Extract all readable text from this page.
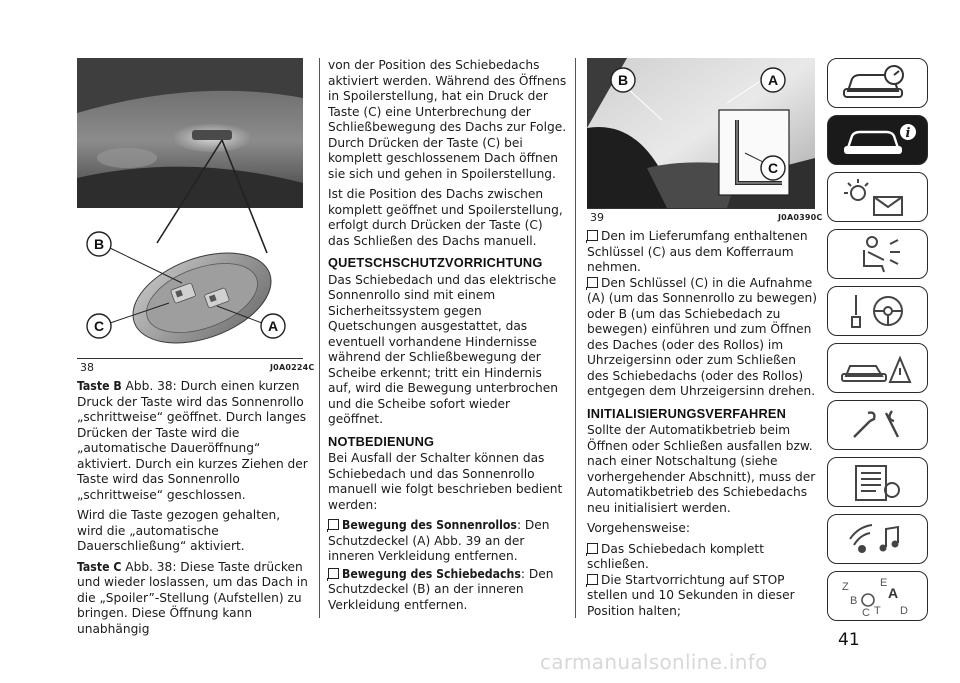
B
C	A
38	J0A0224C

Taste B Abb. 38: Durch einen kurzen Druck der Taste wird das Sonnenrollo „schrittweise“ geöffnet. Durch langes Drücken der Taste wird die „automatische Daueröffnung“ aktiviert. Durch ein kurzes Ziehen der Taste wird das Sonnenrollo „schrittweise“ geschlossen.

Wird die Taste gezogen gehalten, wird die „automatische Dauerschließung“ aktiviert.

Taste C Abb. 38: Diese Taste drücken und wieder loslassen, um das Dach in die „Spoiler”-Stellung (Aufstellen) zu bringen. Diese Öffnung kann unabhängig

von der Position des Schiebedachs aktiviert werden. Während des Öffnens in Spoilerstellung, hat ein Druck der Taste (C) eine Unterbrechung der Schließbewegung des Dachs zur Folge. Durch Drücken der Taste (C) bei komplett geschlossenem Dach öffnen sie sich und gehen in Spoilerstellung.

Ist die Position des Dachs zwischen komplett geöffnet und Spoilerstellung, erfolgt durch Drücken der Taste (C) das Schließen des Dachs manuell.

QUETSCHSCHUTZVORRICHTUNG

Das Schiebedach und das elektrische Sonnenrollo sind mit einem Sicherheitssystem gegen Quetschungen ausgestattet, das eventuell vorhandene Hindernisse während der Schließbewegung der Scheibe erkennt; tritt ein Hindernis auf, wird die Bewegung unterbrochen und die Scheibe sofort wieder geöffnet.

NOTBEDIENUNG

Bei Ausfall der Schalter können das Schiebedach und das Sonnenrollo manuell wie folgt beschrieben bedient werden:

Bewegung des Sonnenrollos: Den Schutzdeckel (A) Abb. 39 an der inneren Verkleidung entfernen.

Bewegung des Schiebedachs: Den Schutzdeckel (B) an der inneren Verkleidung entfernen.

B	A
C
39	J0A0390C

Den im Lieferumfang enthaltenen Schlüssel (C) aus dem Kofferraum nehmen.

Den Schlüssel (C) in die Aufnahme (A) (um das Sonnenrollo zu bewegen) oder B (um das Schiebedach zu bewegen) einführen und zum Öffnen des Daches (oder des Rollos) im Uhrzeigersinn oder zum Schließen des Schiebedachs (oder des Rollos) entgegen dem Uhrzeigersinn drehen.

INITIALISIERUNGSVERFAHREN

Sollte der Automatikbetrieb beim Öffnen oder Schließen ausfallen bzw. nach einer Notschaltung (siehe vorhergehender Abschnitt), muss der Automatikbetrieb des Schiebedachs neu initialisiert werden.

Vorgehensweise:

Das Schiebedach komplett schließen.

Die Startvorrichtung auf STOP stellen und 10 Sekunden in dieser Position halten;

i
Z	E
A
B
C T D
41
carmanualsonline.info
